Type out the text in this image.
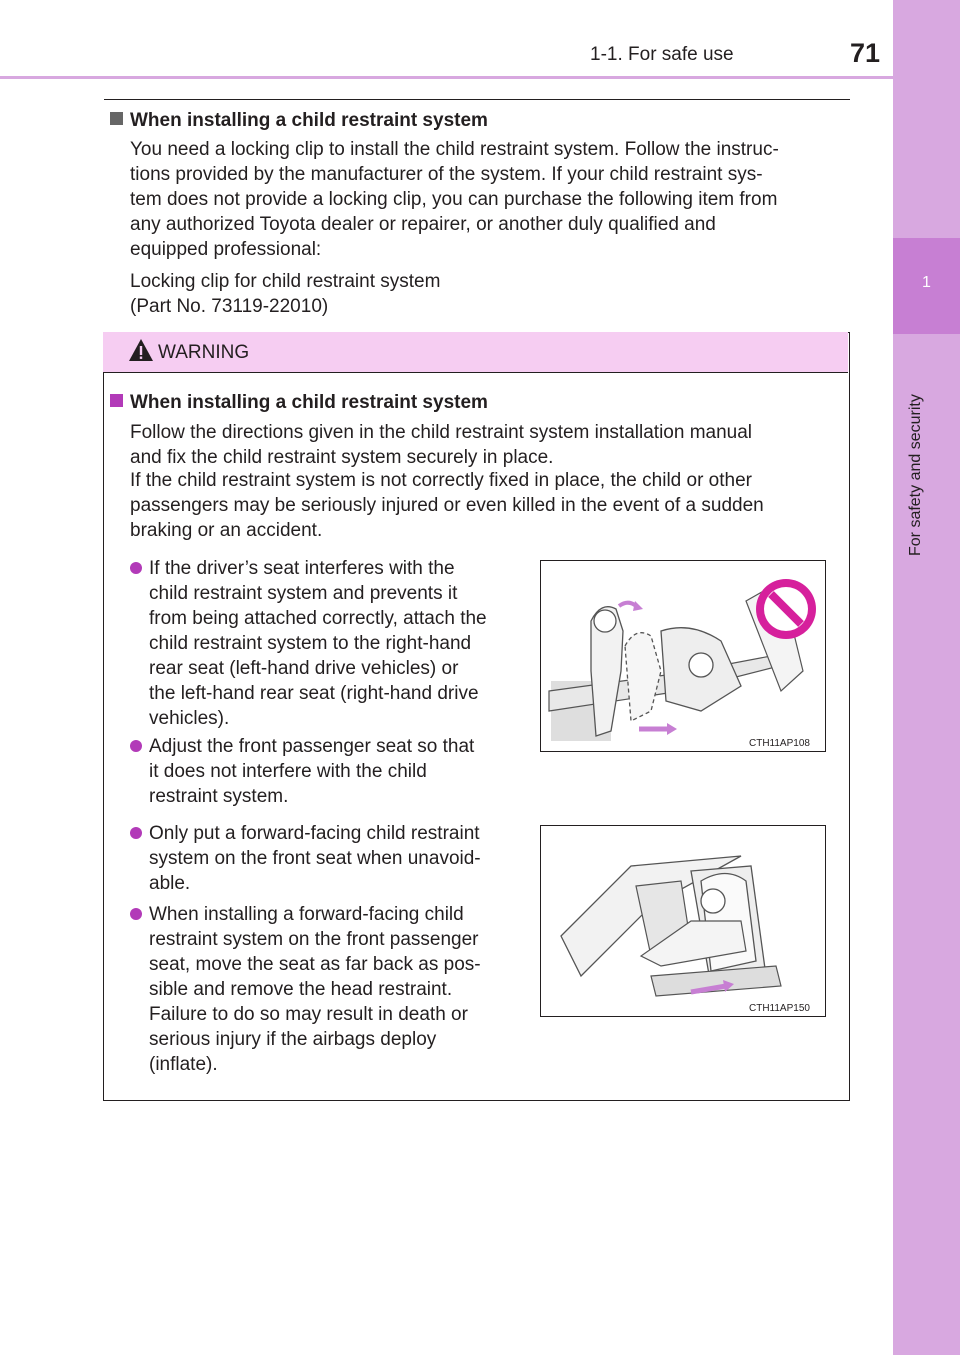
1-1. For safe use	71
1
For safety and security
When installing a child restraint system

You need a locking clip to install the child restraint system. Follow the instruc-

tions provided by the manufacturer of the system. If your child restraint sys-

tem does not provide a locking clip, you can purchase the following item from

any authorized Toyota dealer or repairer, or another duly qualified and

equipped professional:

Locking clip for child restraint system

(Part No. 73119-22010)

WARNING
When installing a child restraint system

Follow the directions given in the child restraint system installation manual

and fix the child restraint system securely in place.

If the child restraint system is not correctly fixed in place, the child or other

passengers may be seriously injured or even killed in the event of a sudden

braking or an accident.

If the driver’s seat interferes with the
child restraint system and prevents it
from being attached correctly, attach the
child restraint system to the right-hand
rear seat (left-hand drive vehicles) or
the left-hand rear seat (right-hand drive
vehicles).
Adjust the front passenger seat so that
it does not interfere with the child
restraint system.
Only put a forward-facing child restraint
system on the front seat when unavoid-
able.
When installing a forward-facing child
restraint system on the front passenger
seat, move the seat as far back as pos-
sible and remove the head restraint.
Failure to do so may result in death or
serious injury if the airbags deploy
(inflate).
CTH11AP108
CTH11AP150
